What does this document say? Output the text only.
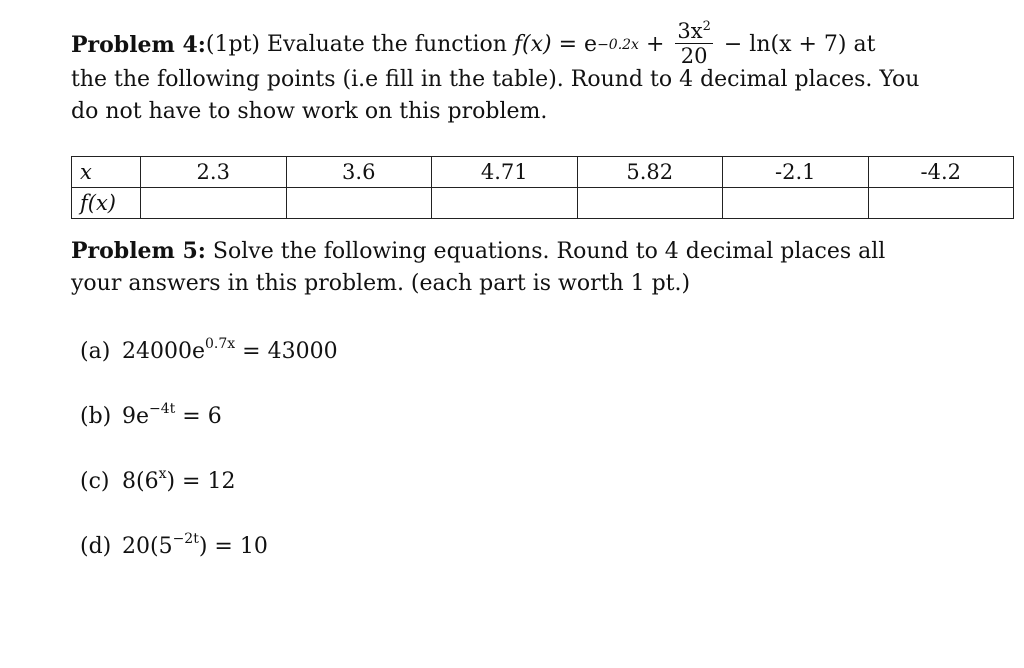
Problem 4: (1pt) Evaluate the function $f(x) = e -0.2x + \frac{3x^2}{20} - \ln(x + 7)$ at

the the following points (i.e fill in the table). Round to 4 decimal places. You

do not have to show work on this problem.

x	2.3	3.6	4.71	5.82	-2.1	-4.2
f(x)						

Problem 5: Solve the following equations. Round to 4 decimal places all

your answers in this problem. (each part is worth 1 pt.)

(a) $24000e^{0.7x} = 43000$
(b) $9e^{-4t} = 6$
(c) $8(6^x) = 12$
(d) $20(5^{-2t}) = 10$
